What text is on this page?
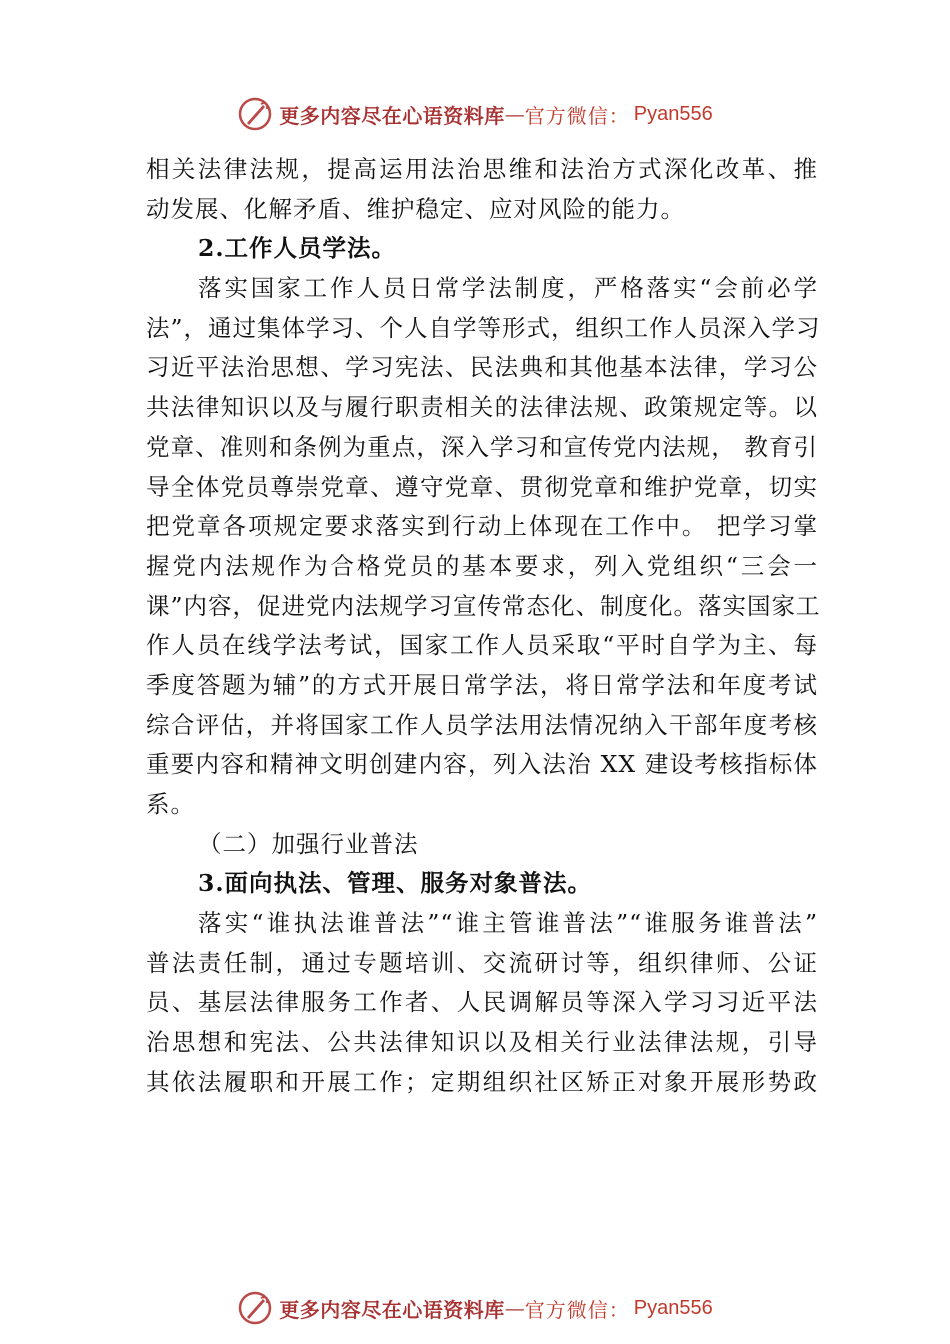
更多内容尽在心语资料库 — 官方微信： Pyan556
相关法律法规，提高运用法治思维和法治方式深化改革、推
动发展、化解矛盾、维护稳定、应对风险的能力。
2.工作人员学法。
落实国家工作人员日常学法制度，严格落实“会前必学
法”，通过集体学习、个人自学等形式，组织工作人员深入学习
习近平法治思想、学习宪法、民法典和其他基本法律，学习公
共法律知识以及与履行职责相关的法律法规、政策规定等。以
党章、准则和条例为重点，深入学习和宣传党内法规， 教育引
导全体党员尊崇党章、遵守党章、贯彻党章和维护党章，切实
把党章各项规定要求落实到行动上体现在工作中。 把学习掌
握党内法规作为合格党员的基本要求，列入党组织“三会一
课”内容，促进党内法规学习宣传常态化、制度化。落实国家工
作人员在线学法考试，国家工作人员采取“平时自学为主、每
季度答题为辅”的方式开展日常学法，将日常学法和年度考试
综合评估，并将国家工作人员学法用法情况纳入干部年度考核
重要内容和精神文明创建内容，列入法治 XX 建设考核指标体
系。
（二）加强行业普法
3.面向执法、管理、服务对象普法。
落实“谁执法谁普法”“谁主管谁普法”“谁服务谁普法”
普法责任制，通过专题培训、交流研讨等，组织律师、公证
员、基层法律服务工作者、人民调解员等深入学习习近平法
治思想和宪法、公共法律知识以及相关行业法律法规，引导
其依法履职和开展工作；定期组织社区矫正对象开展形势政
更多内容尽在心语资料库 — 官方微信： Pyan556
